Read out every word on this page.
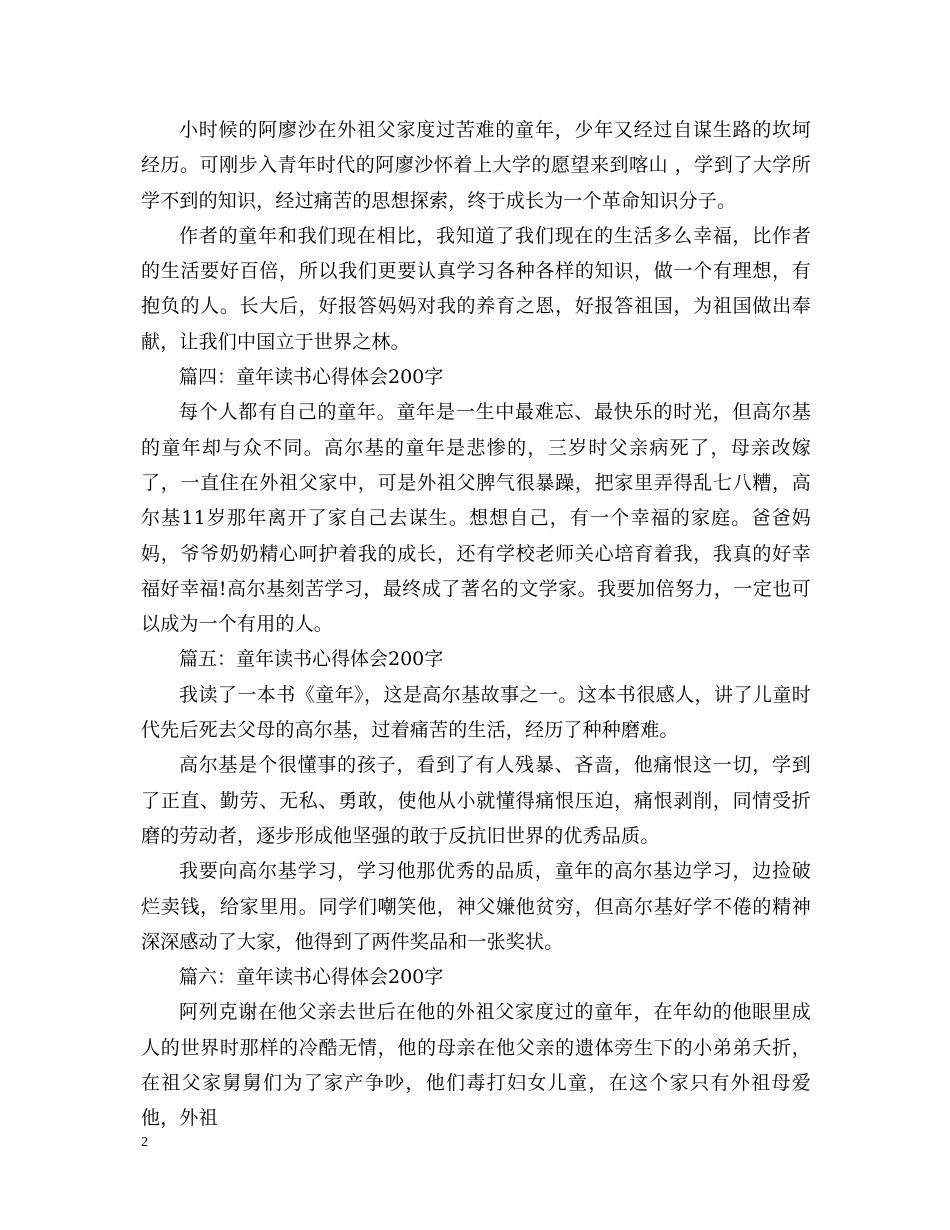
小时候的阿廖沙在外祖父家度过苦难的童年，少年又经过自谋生路的坎坷经历。可刚步入青年时代的阿廖沙怀着上大学的愿望来到喀山 ，学到了大学所学不到的知识，经过痛苦的思想探索，终于成长为一个革命知识分子。

作者的童年和我们现在相比，我知道了我们现在的生活多么幸福，比作者的生活要好百倍，所以我们更要认真学习各种各样的知识，做一个有理想，有抱负的人。长大后，好报答妈妈对我的养育之恩，好报答祖国，为祖国做出奉献，让我们中国立于世界之林。

篇四：童年读书心得体会200字

每个人都有自己的童年。童年是一生中最难忘、最快乐的时光，但高尔基的童年却与众不同。高尔基的童年是悲惨的，三岁时父亲病死了，母亲改嫁了，一直住在外祖父家中，可是外祖父脾气很暴躁，把家里弄得乱七八糟，高尔基11岁那年离开了家自己去谋生。想想自己，有一个幸福的家庭。爸爸妈妈，爷爷奶奶精心呵护着我的成长，还有学校老师关心培育着我，我真的好幸福好幸福!高尔基刻苦学习，最终成了著名的文学家。我要加倍努力，一定也可以成为一个有用的人。

篇五：童年读书心得体会200字

我读了一本书《童年》，这是高尔基故事之一。这本书很感人，讲了儿童时代先后死去父母的高尔基，过着痛苦的生活，经历了种种磨难。

高尔基是个很懂事的孩子，看到了有人残暴、吝啬，他痛恨这一切，学到了正直、勤劳、无私、勇敢，使他从小就懂得痛恨压迫，痛恨剥削，同情受折磨的劳动者，逐步形成他坚强的敢于反抗旧世界的优秀品质。

我要向高尔基学习，学习他那优秀的品质，童年的高尔基边学习，边捡破烂卖钱，给家里用。同学们嘲笑他，神父嫌他贫穷，但高尔基好学不倦的精神深深感动了大家，他得到了两件奖品和一张奖状。

篇六：童年读书心得体会200字

阿列克谢在他父亲去世后在他的外祖父家度过的童年，在年幼的他眼里成人的世界时那样的冷酷无情，他的母亲在他父亲的遗体旁生下的小弟弟夭折，在祖父家舅舅们为了家产争吵，他们毒打妇女儿童，在这个家只有外祖母爱他，外祖

2
